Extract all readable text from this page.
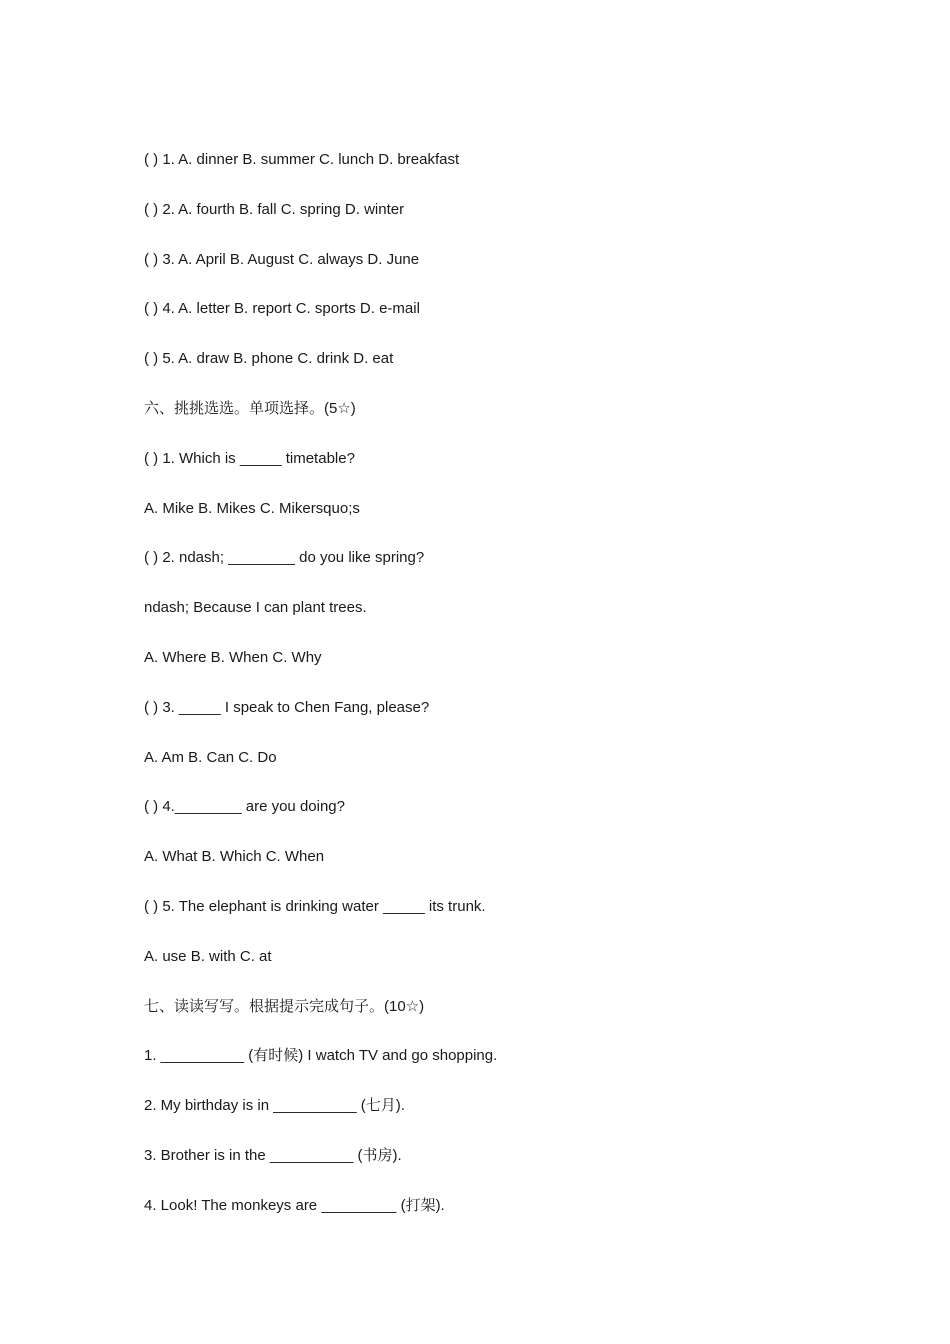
( ) 1. A. dinner B. summer C. lunch D. breakfast
( ) 2. A. fourth B. fall C. spring D. winter
( ) 3. A. April B. August C. always D. June
( ) 4. A. letter B. report C. sports D. e-mail
( ) 5. A. draw B. phone C. drink D. eat
六、挑挑选选。单项选择。(5☆)
( ) 1. Which is _____ timetable?
A. Mike B. Mikes C. Mikersquo;s
( ) 2. ndash; ________ do you like spring?
ndash; Because I can plant trees.
A. Where B. When C. Why
( ) 3. _____ I speak to Chen Fang, please?
A. Am B. Can C. Do
( ) 4.________ are you doing?
A. What B. Which C. When
( ) 5. The elephant is drinking water _____ its trunk.
A. use B. with C. at
七、读读写写。根据提示完成句子。(10☆)
1. __________ (有时候) I watch TV and go shopping.
2. My birthday is in __________ (七月).
3. Brother is in the __________ (书房).
4. Look! The monkeys are _________ (打架).
